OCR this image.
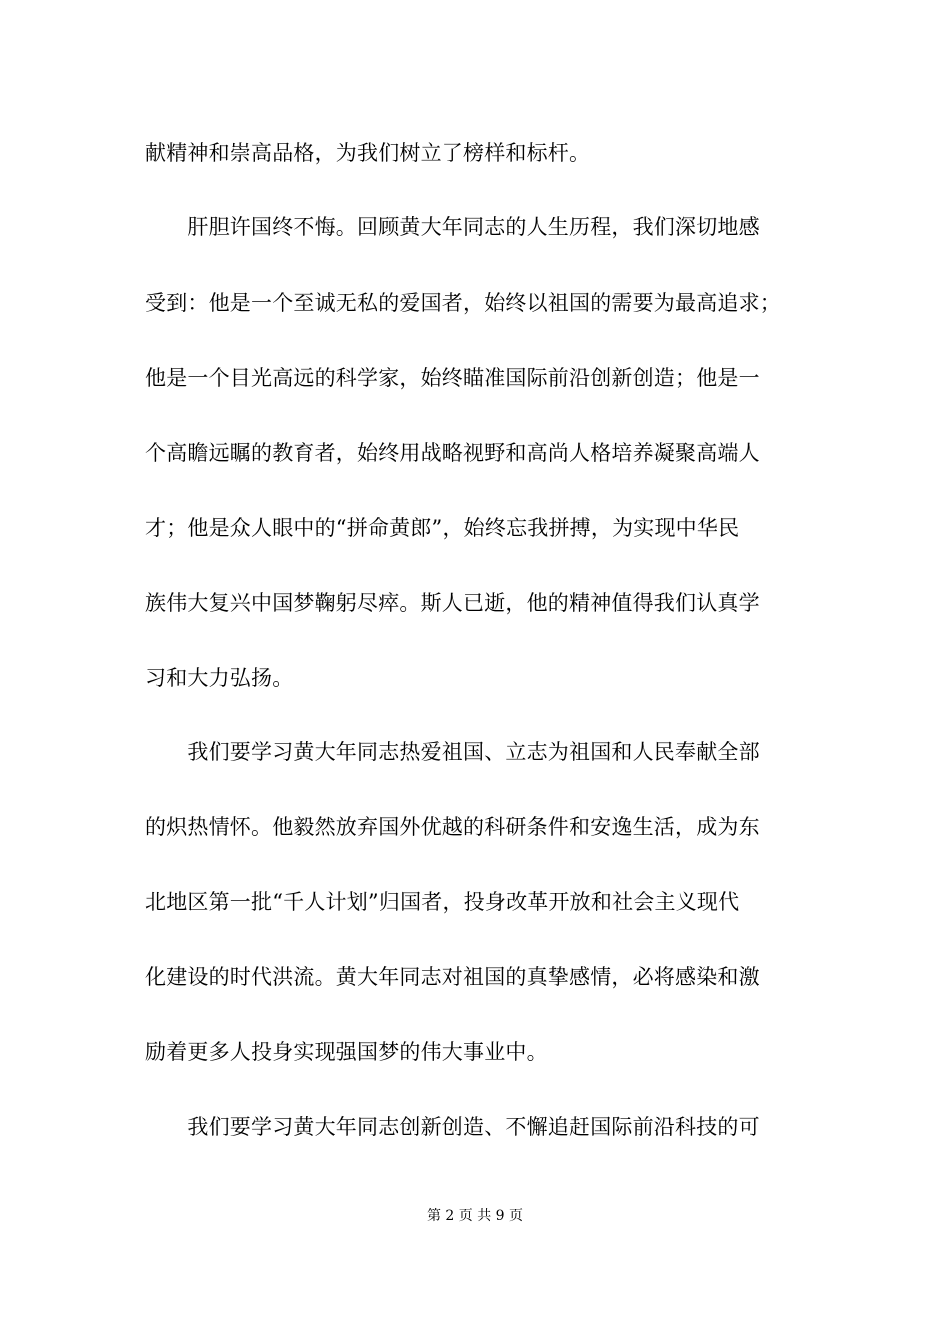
献精神和崇高品格，为我们树立了榜样和标杆。
　　肝胆许国终不悔。回顾黄大年同志的人生历程，我们深切地感
受到：他是一个至诚无私的爱国者，始终以祖国的需要为最高追求；
他是一个目光高远的科学家，始终瞄准国际前沿创新创造；他是一
个高瞻远瞩的教育者，始终用战略视野和高尚人格培养凝聚高端人
才；他是众人眼中的“拼命黄郎”，始终忘我拼搏，为实现中华民
族伟大复兴中国梦鞠躬尽瘁。斯人已逝，他的精神值得我们认真学
习和大力弘扬。
　　我们要学习黄大年同志热爱祖国、立志为祖国和人民奉献全部
的炽热情怀。他毅然放弃国外优越的科研条件和安逸生活，成为东
北地区第一批“千人计划”归国者，投身改革开放和社会主义现代
化建设的时代洪流。黄大年同志对祖国的真挚感情，必将感染和激
励着更多人投身实现强国梦的伟大事业中。
　　我们要学习黄大年同志创新创造、不懈追赶国际前沿科技的可
第 2 页 共 9 页
